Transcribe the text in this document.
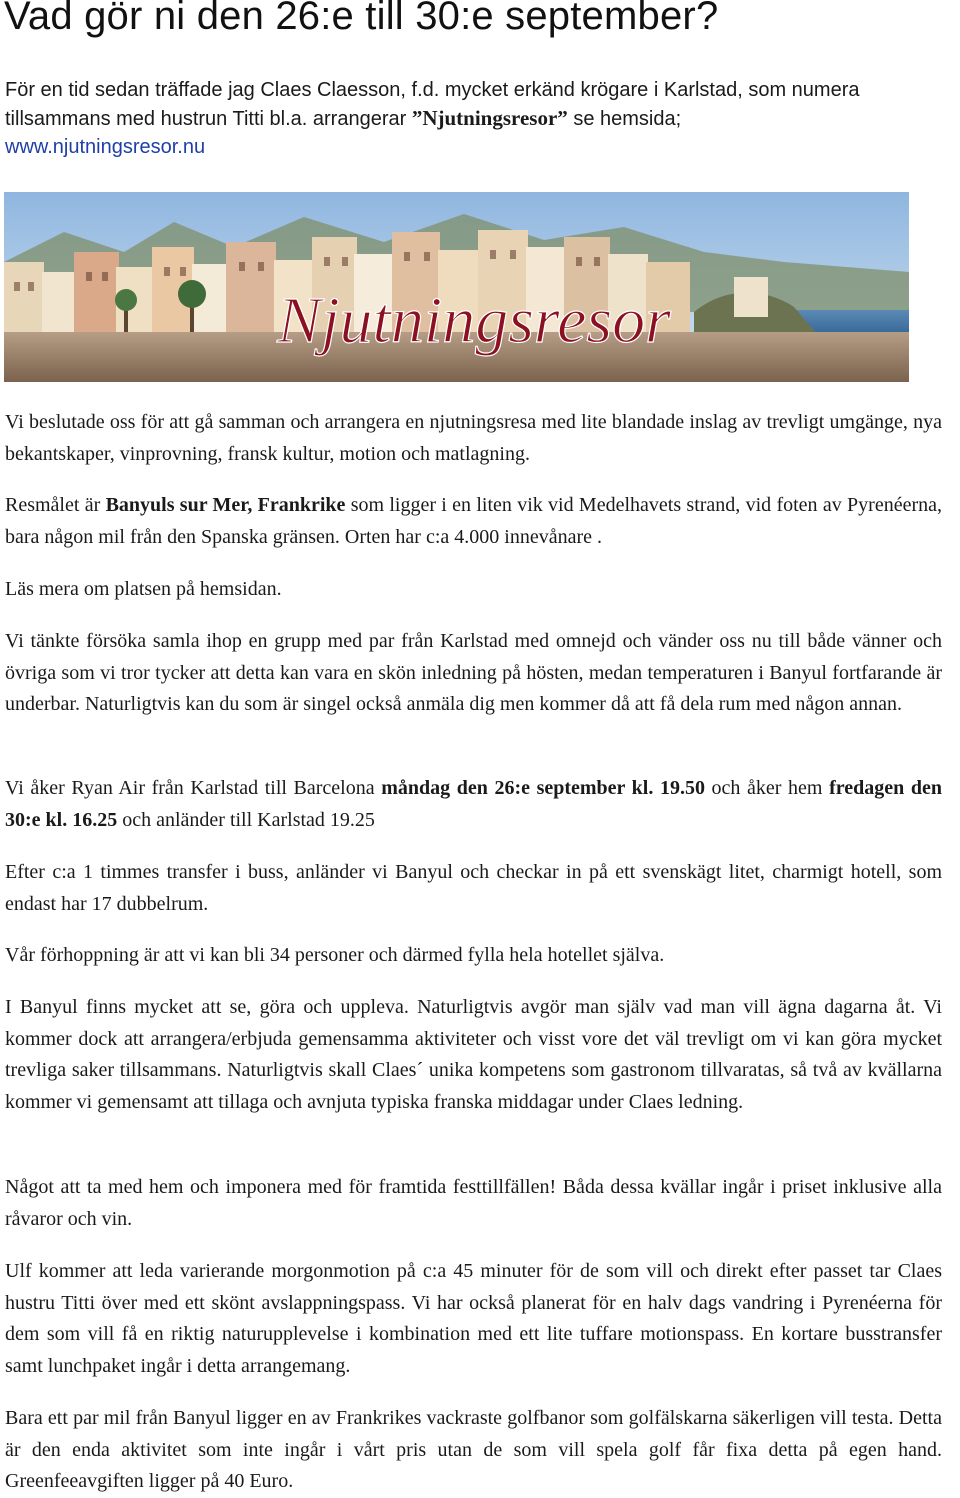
Vad gör ni den 26:e till 30:e september?
För en tid sedan träffade jag Claes Claesson, f.d. mycket erkänd krögare i Karlstad, som numera tillsammans med hustrun Titti bl.a. arrangerar ”Njutningsresor” se hemsida;
www.njutningsresor.nu
Njutningsresor

Vi beslutade oss för att gå samman och arrangera en njutningsresa med lite blandade inslag av trevligt umgänge, nya bekantskaper, vinprovning, fransk kultur, motion och matlagning.

Resmålet är Banyuls sur Mer, Frankrike som ligger i en liten vik vid Medelhavets strand, vid foten av Pyrenéerna, bara någon mil från den Spanska gränsen. Orten har c:a 4.000 innevånare .

Läs mera om platsen på hemsidan.

Vi tänkte försöka samla ihop en grupp med par från Karlstad med omnejd och vänder oss nu till både vänner och övriga som vi tror tycker att detta kan vara en skön inledning på hösten, medan temperaturen i Banyul fortfarande är underbar. Naturligtvis kan du som är singel också anmäla dig men kommer då att få dela rum med någon annan.

Vi åker Ryan Air från Karlstad till Barcelona måndag den 26:e september kl. 19.50 och åker hem fredagen den 30:e kl. 16.25 och anländer till Karlstad 19.25

Efter c:a 1 timmes transfer i buss, anländer vi Banyul och checkar in på ett svenskägt litet, charmigt hotell, som endast har 17 dubbelrum.

Vår förhoppning är att vi kan bli 34 personer och därmed fylla hela hotellet själva.

I Banyul finns mycket att se, göra och uppleva. Naturligtvis avgör man själv vad man vill ägna dagarna åt. Vi kommer dock att arrangera/erbjuda gemensamma aktiviteter och visst vore det väl trevligt om vi kan göra mycket trevliga saker tillsammans. Naturligtvis skall Claes´ unika kompetens som gastronom tillvaratas, så två av kvällarna kommer vi gemensamt att tillaga och avnjuta typiska franska middagar under Claes ledning.

Något att ta med hem och imponera med för framtida festtillfällen! Båda dessa kvällar ingår i priset inklusive alla råvaror och vin.

Ulf kommer att leda varierande morgonmotion på c:a 45 minuter för de som vill och direkt efter passet tar Claes hustru Titti över med ett skönt avslappningspass. Vi har också planerat för en halv dags vandring i Pyrenéerna för dem som vill få en riktig naturupplevelse i kombination med ett lite tuffare motionspass. En kortare busstransfer samt lunchpaket ingår i detta arrangemang.

Bara ett par mil från Banyul ligger en av Frankrikes vackraste golfbanor som golfälskarna säkerligen vill testa. Detta är den enda aktivitet som inte ingår i vårt pris utan de som vill spela golf får fixa detta på egen hand. Greenfeeavgiften ligger på 40 Euro.
